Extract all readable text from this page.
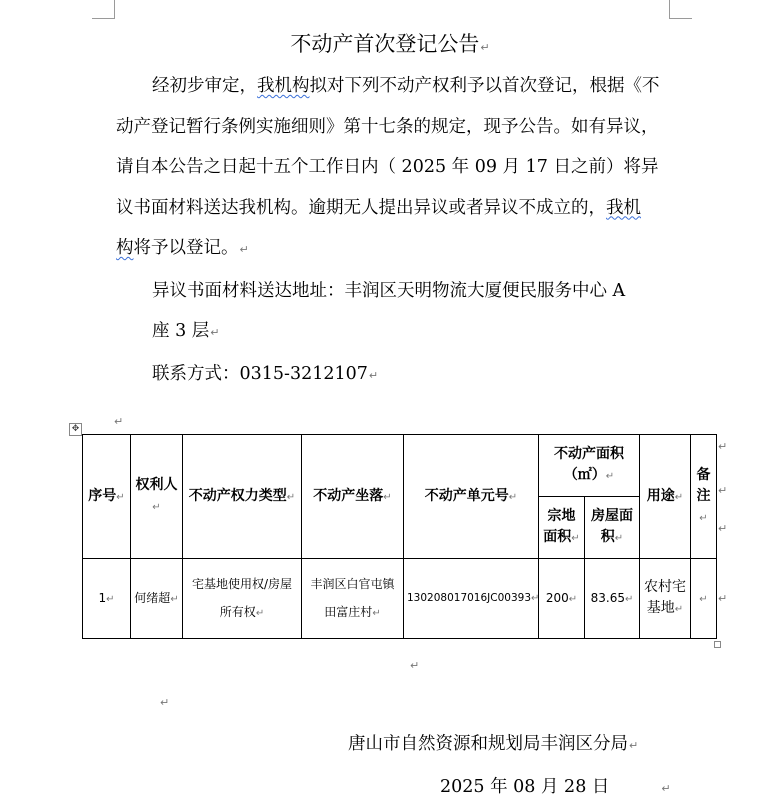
不动产首次登记公告↵
经初步审定，我机构拟对下列不动产权利予以首次登记，根据《不
动产登记暂行条例实施细则》第十七条的规定，现予公告。如有异议，
请自本公告之日起十五个工作日内（ 2025 年 09 月 17 日之前）将异
议书面材料送达我机构。逾期无人提出异议或者异议不成立的，我机
构将予以登记。↵
异议书面材料送达地址：丰润区天明物流大厦便民服务中心 A
座 3 层↵
联系方式：0315-3212107↵
✥
↵
序号↵	权利人↵	不动产权力类型↵	不动产坐落↵	不动产单元号↵	不动产面积
（㎡）↵		用途↵	备注↵
					宗地面积↵	房屋面积↵		
1↵	何绪超↵	宅基地使用权/房屋所有权↵	丰润区白官屯镇田富庄村↵	130208017016JC00393↵	200↵	83.65↵	农村宅基地↵	↵
↵
↵
↵
↵
↵
↵
唐山市自然资源和规划局丰润区分局↵
2025 年 08 月 28 日	↵
